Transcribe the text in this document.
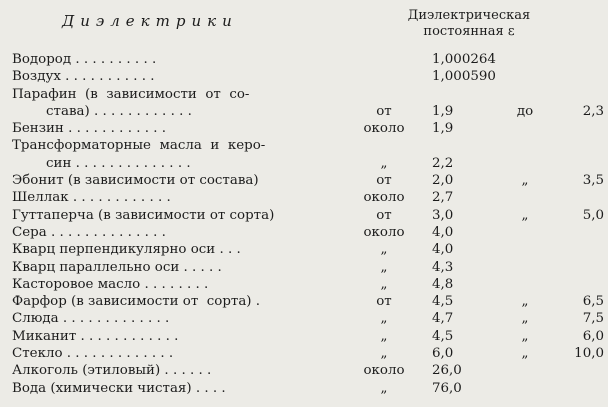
Диэлектрики	Диэлектрическая
постоянная ε
Водород . . . . . . . . . .	1,000264
Воздух . . . . . . . . . . .	1,000590
Парафин  (в  зависимости  от  со-
става) . . . . . . . . . . . .	от	1,9	до	2,3
Бензин . . . . . . . . . . . .	около	1,9
Трансформаторные  масла  и  керо-
син . . . . . . . . . . . . . .	„	2,2
Эбонит (в зависимости от состава)	от	2,0	„	3,5
Шеллак . . . . . . . . . . . .	около	2,7
Гуттаперча (в зависимости от сорта)	от	3,0	„	5,0
Сера . . . . . . . . . . . . . .	около	4,0
Кварц перпендикулярно оси . . .	„	4,0
Кварц параллельно оси . . . . .	„	4,3
Касторовое масло . . . . . . . .	„	4,8
Фарфор (в зависимости от  сорта) .	от	4,5	„	6,5
Слюда . . . . . . . . . . . . .	„	4,7	„	7,5
Миканит . . . . . . . . . . . .	„	4,5	„	6,0
Стекло . . . . . . . . . . . . .	„	6,0	„	10,0
Алкоголь (этиловый) . . . . . .	около	26,0
Вода (химически чистая) . . . .	„	76,0
